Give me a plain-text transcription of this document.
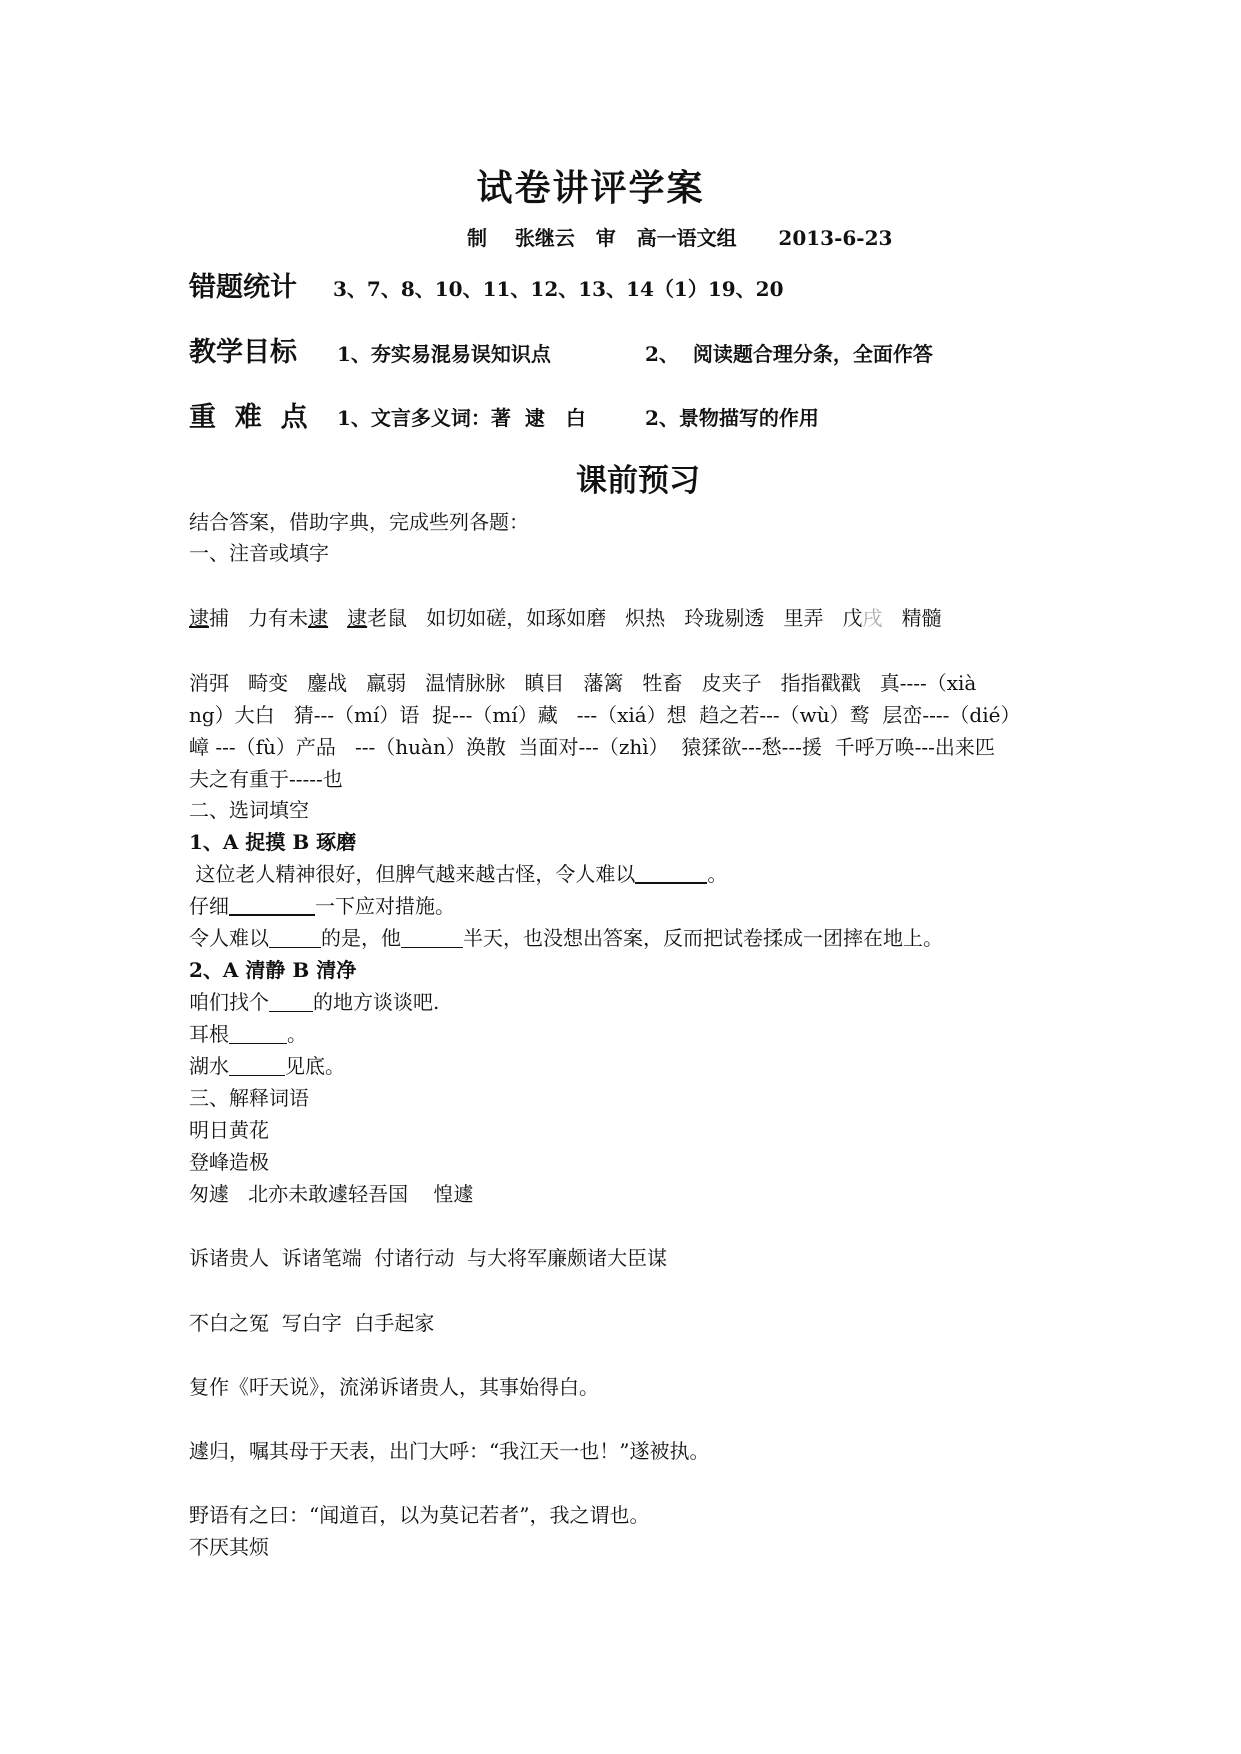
试卷讲评学案
制    张继云   审   高一语文组      2013-6-23
错题统计 3、7、8、10、11、12、13、14（1）19、20
教学目标 1、夯实易混易误知识点	2、  阅读题合理分条，全面作答
重  难  点 1、文言多义词：著  逮   白	2、景物描写的作用
课前预习
结合答案，借助字典，完成些列各题：
一、注音或填字
逮捕 力有未逮 逮老鼠   如切如磋，如琢如磨   炽热   玲珑剔透   里弄   戊戌   精髓
消弭   畸变   鏖战   羸弱   温情脉脉   瞋目   藩篱   牲畜   皮夹子   指指戳戳   真----（xià
ng）大白   猜---（mí）语  捉---（mí）藏   ---（xiá）想  趋之若---（wù）鹜  层峦----（dié）
嶂 ---（fù）产品   ---（huàn）涣散  当面对---（zhì）  猿猱欲---愁---援  千呼万唤---出来匹
夫之有重于-----也
二、选词填空
1、A 捉摸 B 琢磨
这位老人精神很好，但脾气越来越古怪，令人难以	。
仔细	一下应对措施。
令人难以	的是，他	半天，也没想出答案，反而把试卷揉成一团摔在地上。
2、A 清静 B 清净
咱们找个 的地方谈谈吧.
耳根	。
湖水	见底。
三、解释词语
明日黄花
登峰造极
匆遽   北亦未敢遽轻吾国    惶遽
诉诸贵人  诉诸笔端  付诸行动  与大将军廉颇诸大臣谋
不白之冤  写白字  白手起家
复作《吁天说》，流涕诉诸贵人，其事始得白。
遽归，嘱其母于天表，出门大呼：“我江天一也！”遂被执。
野语有之曰：“闻道百，以为莫记若者”，我之谓也。
不厌其烦
